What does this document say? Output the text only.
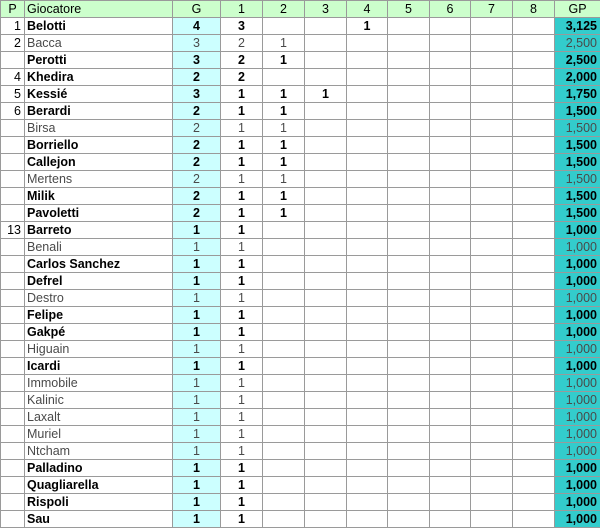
P	Giocatore	G	1	2	3	4	5	6	7	8	GP
1	Belotti	4	3			1					3,125
2	Bacca	3	2	1							2,500
	Perotti	3	2	1							2,500
4	Khedira	2	2								2,000
5	Kessié	3	1	1	1						1,750
6	Berardi	2	1	1							1,500
	Birsa	2	1	1							1,500
	Borriello	2	1	1							1,500
	Callejon	2	1	1							1,500
	Mertens	2	1	1							1,500
	Milik	2	1	1							1,500
	Pavoletti	2	1	1							1,500
13	Barreto	1	1								1,000
	Benali	1	1								1,000
	Carlos Sanchez	1	1								1,000
	Defrel	1	1								1,000
	Destro	1	1								1,000
	Felipe	1	1								1,000
	Gakpé	1	1								1,000
	Higuain	1	1								1,000
	Icardi	1	1								1,000
	Immobile	1	1								1,000
	Kalinic	1	1								1,000
	Laxalt	1	1								1,000
	Muriel	1	1								1,000
	Ntcham	1	1								1,000
	Palladino	1	1								1,000
	Quagliarella	1	1								1,000
	Rispoli	1	1								1,000
	Sau	1	1								1,000
